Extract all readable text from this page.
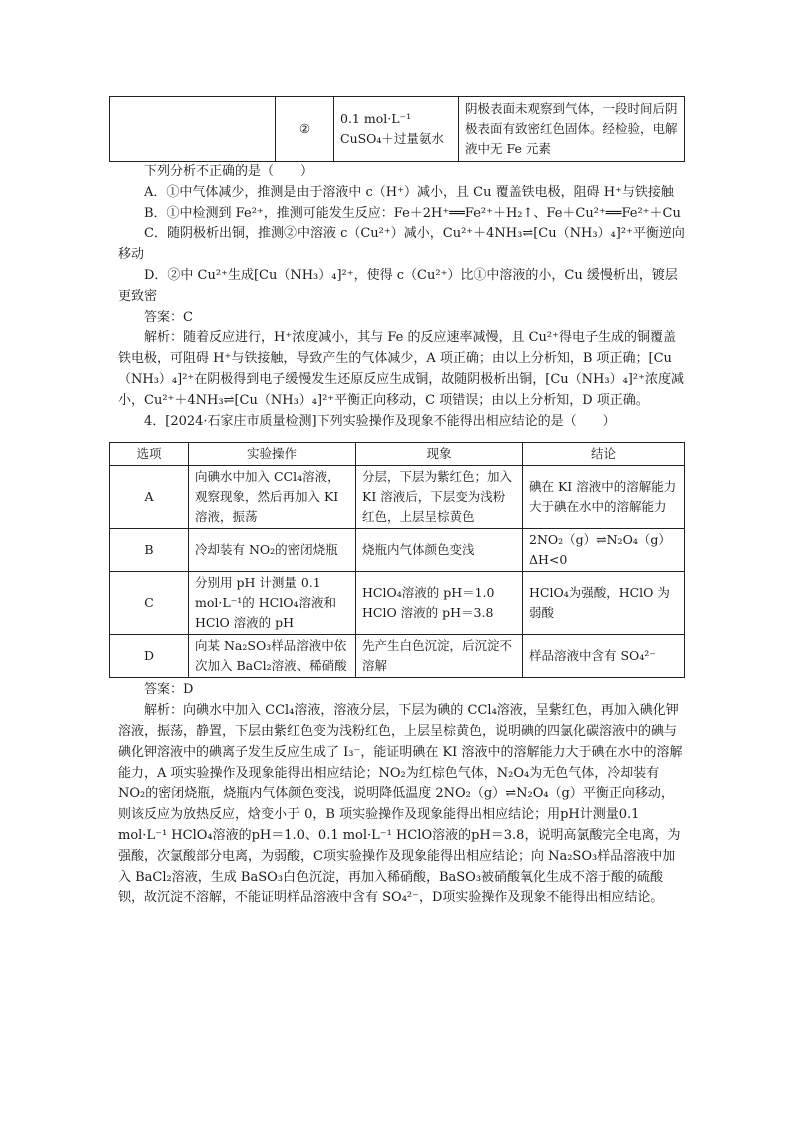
	②	0.1 mol·L⁻¹ CuSO₄＋过量氨水	阴极表面未观察到气体，一段时间后阴极表面有致密红色固体。经检验，电解液中无 Fe 元素

下列分析不正确的是（　　）

A．①中气体减少，推测是由于溶液中 c（H⁺）减小，且 Cu 覆盖铁电极，阻碍 H⁺与铁接触

B．①中检测到 Fe²⁺，推测可能发生反应：Fe＋2H⁺══Fe²⁺＋H₂↑、Fe＋Cu²⁺══Fe²⁺＋Cu

C．随阴极析出铜，推测②中溶液 c（Cu²⁺）减小，Cu²⁺＋4NH₃⇌[Cu（NH₃）₄]²⁺平衡逆向移动

D．②中 Cu²⁺生成[Cu（NH₃）₄]²⁺，使得 c（Cu²⁺）比①中溶液的小，Cu 缓慢析出，镀层更致密

答案：C

解析：随着反应进行，H⁺浓度减小，其与 Fe 的反应速率减慢，且 Cu²⁺得电子生成的铜覆盖铁电极，可阻碍 H⁺与铁接触，导致产生的气体减少，A 项正确；由以上分析知，B 项正确；[Cu（NH₃）₄]²⁺在阴极得到电子缓慢发生还原反应生成铜，故随阴极析出铜，[Cu（NH₃）₄]²⁺浓度减小，Cu²⁺＋4NH₃⇌[Cu（NH₃）₄]²⁺平衡正向移动，C 项错误；由以上分析知，D 项正确。

4．[2024·石家庄市质量检测]下列实验操作及现象不能得出相应结论的是（　　）

选项	实验操作	现象	结论
A	向碘水中加入 CCl₄溶液，观察现象，然后再加入 KI 溶液，振荡	分层，下层为紫红色；加入 KI 溶液后，下层变为浅粉红色，上层呈棕黄色	碘在 KI 溶液中的溶解能力大于碘在水中的溶解能力
B	冷却装有 NO₂的密闭烧瓶	烧瓶内气体颜色变浅	2NO₂（g）⇌N₂O₄（g）　ΔH<0
C	分别用 pH 计测量 0.1 mol·L⁻¹的 HClO₄溶液和 HClO 溶液的 pH	HClO₄溶液的 pH＝1.0　HClO 溶液的 pH＝3.8	HClO₄为强酸，HClO 为弱酸
D	向某 Na₂SO₃样品溶液中依次加入 BaCl₂溶液、稀硝酸	先产生白色沉淀，后沉淀不溶解	样品溶液中含有 SO₄²⁻

答案：D

解析：向碘水中加入 CCl₄溶液，溶液分层，下层为碘的 CCl₄溶液，呈紫红色，再加入碘化钾溶液，振荡，静置，下层由紫红色变为浅粉红色，上层呈棕黄色，说明碘的四氯化碳溶液中的碘与碘化钾溶液中的碘离子发生反应生成了 I₃⁻，能证明碘在 KI 溶液中的溶解能力大于碘在水中的溶解能力，A 项实验操作及现象能得出相应结论；NO₂为红棕色气体，N₂O₄为无色气体，冷却装有 NO₂的密闭烧瓶，烧瓶内气体颜色变浅，说明降低温度 2NO₂（g）⇌N₂O₄（g）平衡正向移动，则该反应为放热反应，焓变小于 0，B 项实验操作及现象能得出相应结论；用pH计测量0.1 mol·L⁻¹ HClO₄溶液的pH＝1.0、0.1 mol·L⁻¹ HClO溶液的pH＝3.8，说明高氯酸完全电离，为强酸，次氯酸部分电离，为弱酸，C项实验操作及现象能得出相应结论；向 Na₂SO₃样品溶液中加入 BaCl₂溶液，生成 BaSO₃白色沉淀，再加入稀硝酸，BaSO₃被硝酸氧化生成不溶于酸的硫酸钡，故沉淀不溶解，不能证明样品溶液中含有 SO₄²⁻，D项实验操作及现象不能得出相应结论。
